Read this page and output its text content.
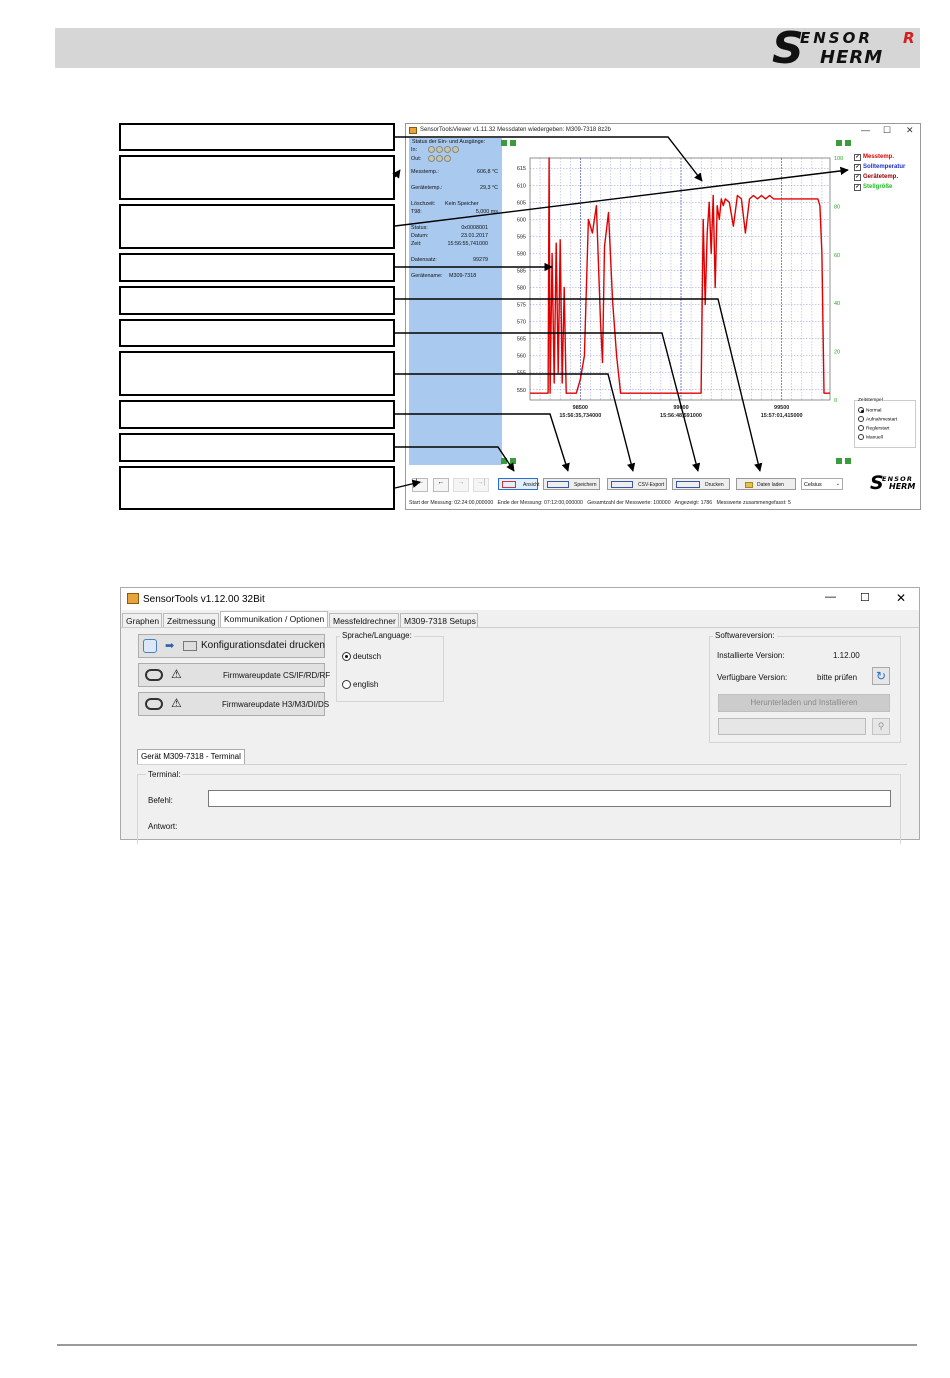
S
ENSOR R
HERM
SensorToolsViewer v1.11.32 Messdaten wiedergeben: M309-7318 8z2b	— ☐ ✕
Status der Ein- und Ausgänge:
In:
Out:
Messtemp.:	606,8 °C
Gerätetemp.:	29,3 °C
Löschzeit: Kein Speicher
T98:	5,000 ms
Status:	0x0008001
Datum:	23.01.2017
Zeit:	15:56:55,741000
Datensatz:	99279
Gerätename: M309-7318
550
555
560
565
570
575
580
585
590
595
600
605
610
615
0
20
40
60
80
100
98500
15:56:35,734000
99000
15:56:48,591000
99500
15:57:01,415000
✓ Messtemp.
✓ Solltemperatur
✓ Gerätetemp.
✓ Stellgröße
Zeitstempel
Normal
Aufnahmestart
Reglerstart
Manuell
|←	←	→	→|	Ansicht	Speichern	CSV-Export	Drucken	Daten laden	Celsius	⌄ S
ENSOR
HERM
Start der Messung: 02:24:00,000000 Ende der Messung: 07:12:00,000000 Gesamtzahl der Messwerte: 100000 Angezeigt: 1786 Messwerte zusammengefasst: 5
SensorTools v1.12.00 32Bit	— ☐ ✕
Graphen Zeitmessung Kommunikation / Optionen	Messfeldrechner M309-7318 Setups
➡	Konfigurationsdatei drucken
⚠	Firmwareupdate CS/IF/RD/RF
⚠	Firmwareupdate H3/M3/DI/DS
Sprache/Language:
deutsch
english
Softwareversion:
Installierte Version:	1.12.00
Verfügbare Version:	bitte prüfen	↻
Herunterladen und Installieren
⚲
Gerät M309-7318 - Terminal
Terminal:
Befehl:
Antwort:
